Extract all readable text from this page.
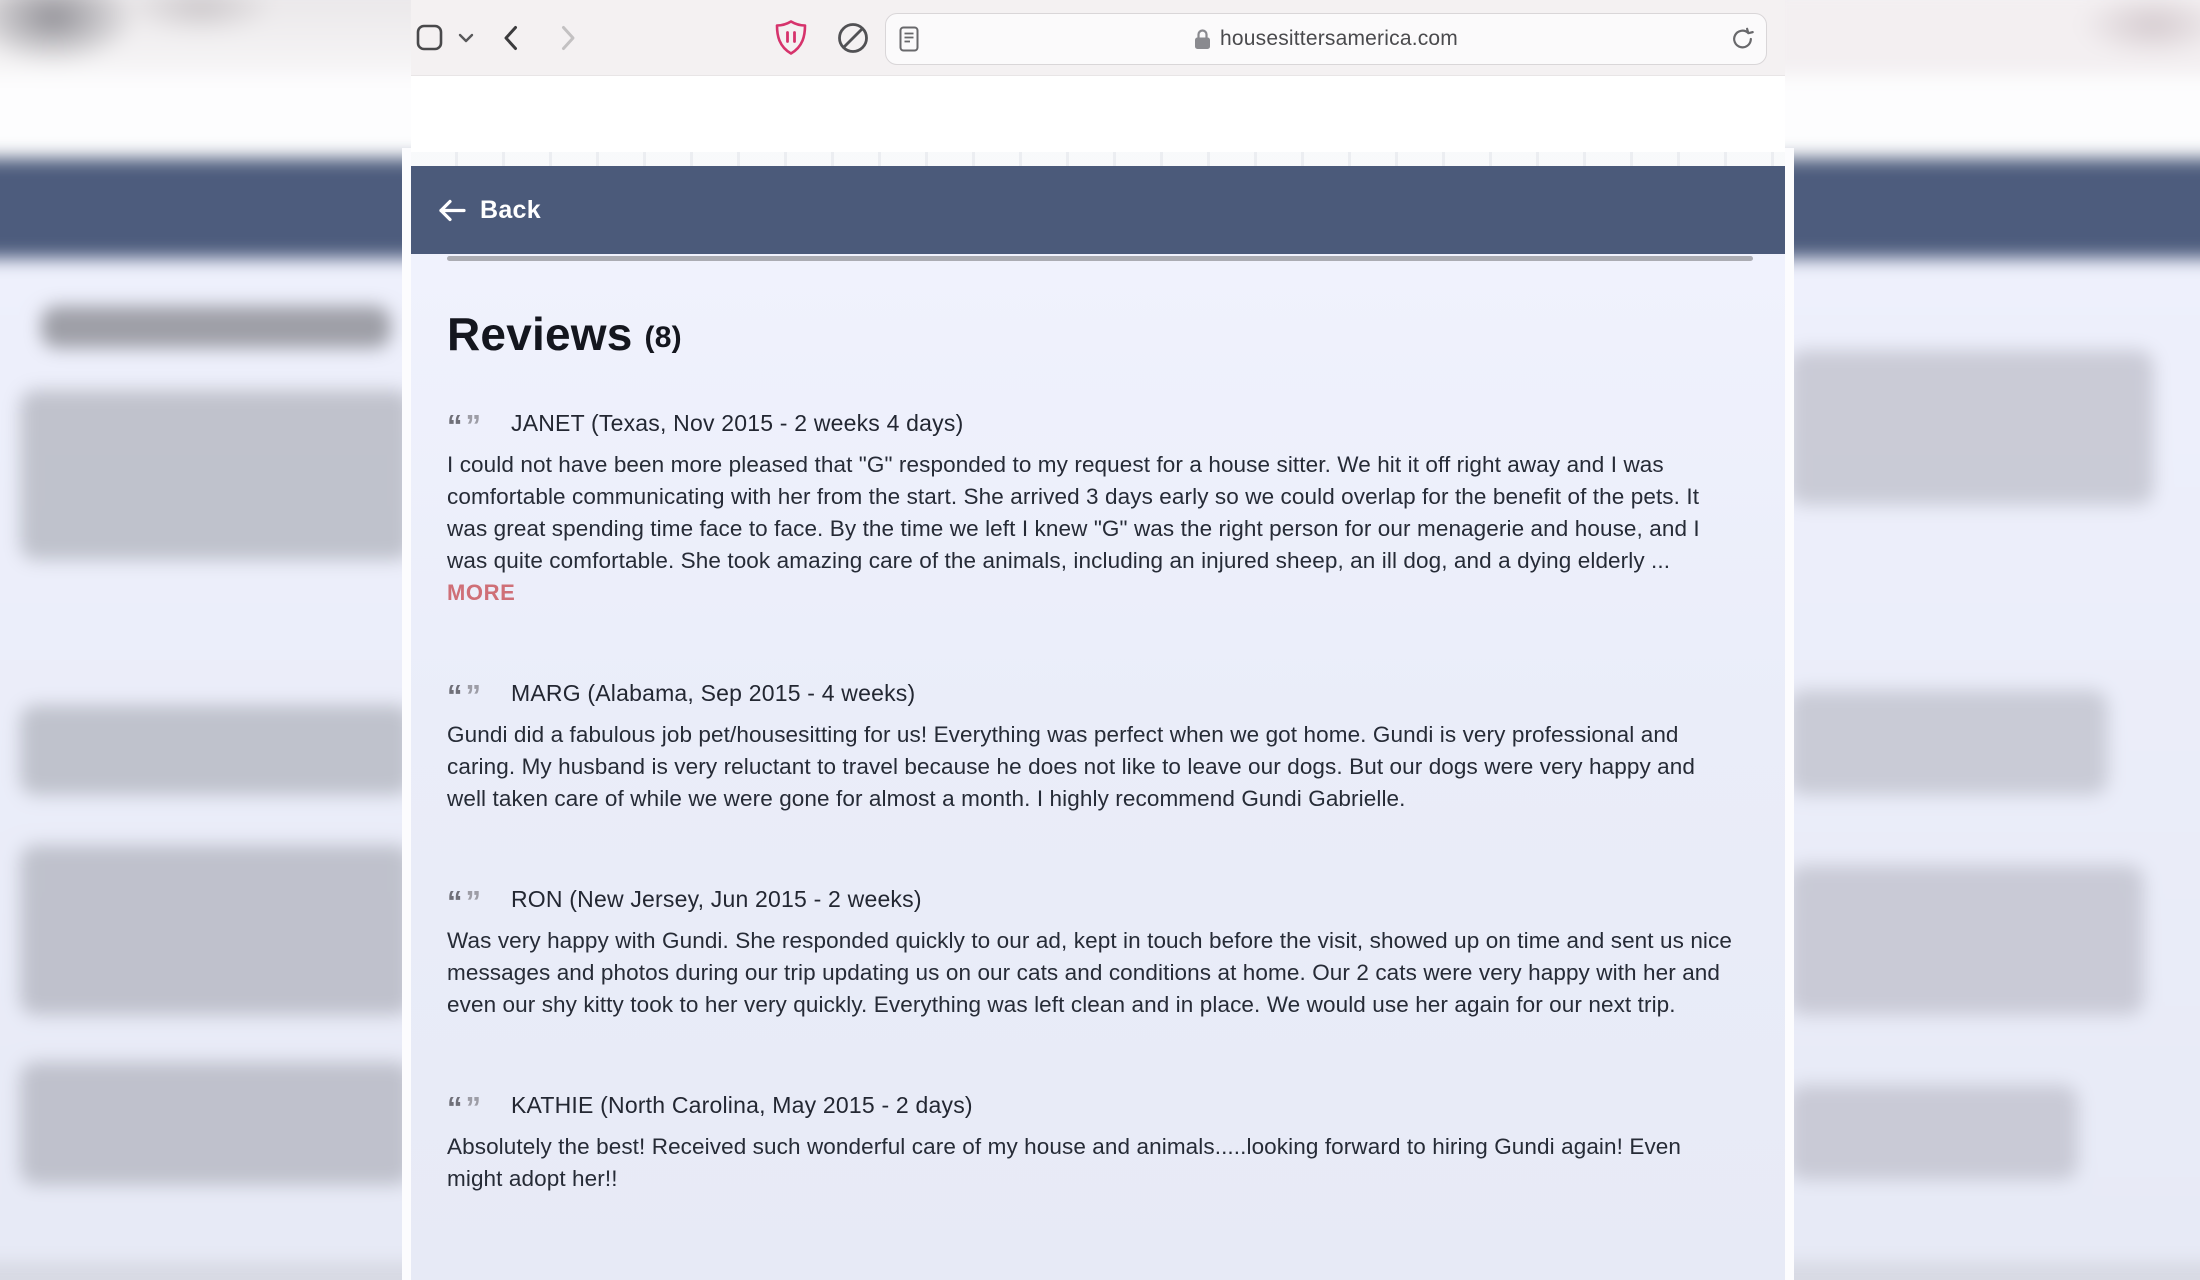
housesittersamerica.com
Back
Reviews (8)
“” JANET (Texas, Nov 2015 - 2 weeks 4 days)

I could not have been more pleased that "G" responded to my request for a house sitter. We hit it off right away and I was comfortable communicating with her from the start. She arrived 3 days early so we could overlap for the benefit of the pets. It was great spending time face to face. By the time we left I knew "G" was the right person for our menagerie and house, and I was quite comfortable. She took amazing care of the animals, including an injured sheep, an ill dog, and a dying elderly ... MORE

“” MARG (Alabama, Sep 2015 - 4 weeks)

Gundi did a fabulous job pet/housesitting for us! Everything was perfect when we got home. Gundi is very professional and caring. My husband is very reluctant to travel because he does not like to leave our dogs. But our dogs were very happy and well taken care of while we were gone for almost a month. I highly recommend Gundi Gabrielle.

“” RON (New Jersey, Jun 2015 - 2 weeks)

Was very happy with Gundi. She responded quickly to our ad, kept in touch before the visit, showed up on time and sent us nice messages and photos during our trip updating us on our cats and conditions at home. Our 2 cats were very happy with her and even our shy kitty took to her very quickly. Everything was left clean and in place. We would use her again for our next trip.

“” KATHIE (North Carolina, May 2015 - 2 days)

Absolutely the best! Received such wonderful care of my house and animals.....looking forward to hiring Gundi again! Even might adopt her!!
